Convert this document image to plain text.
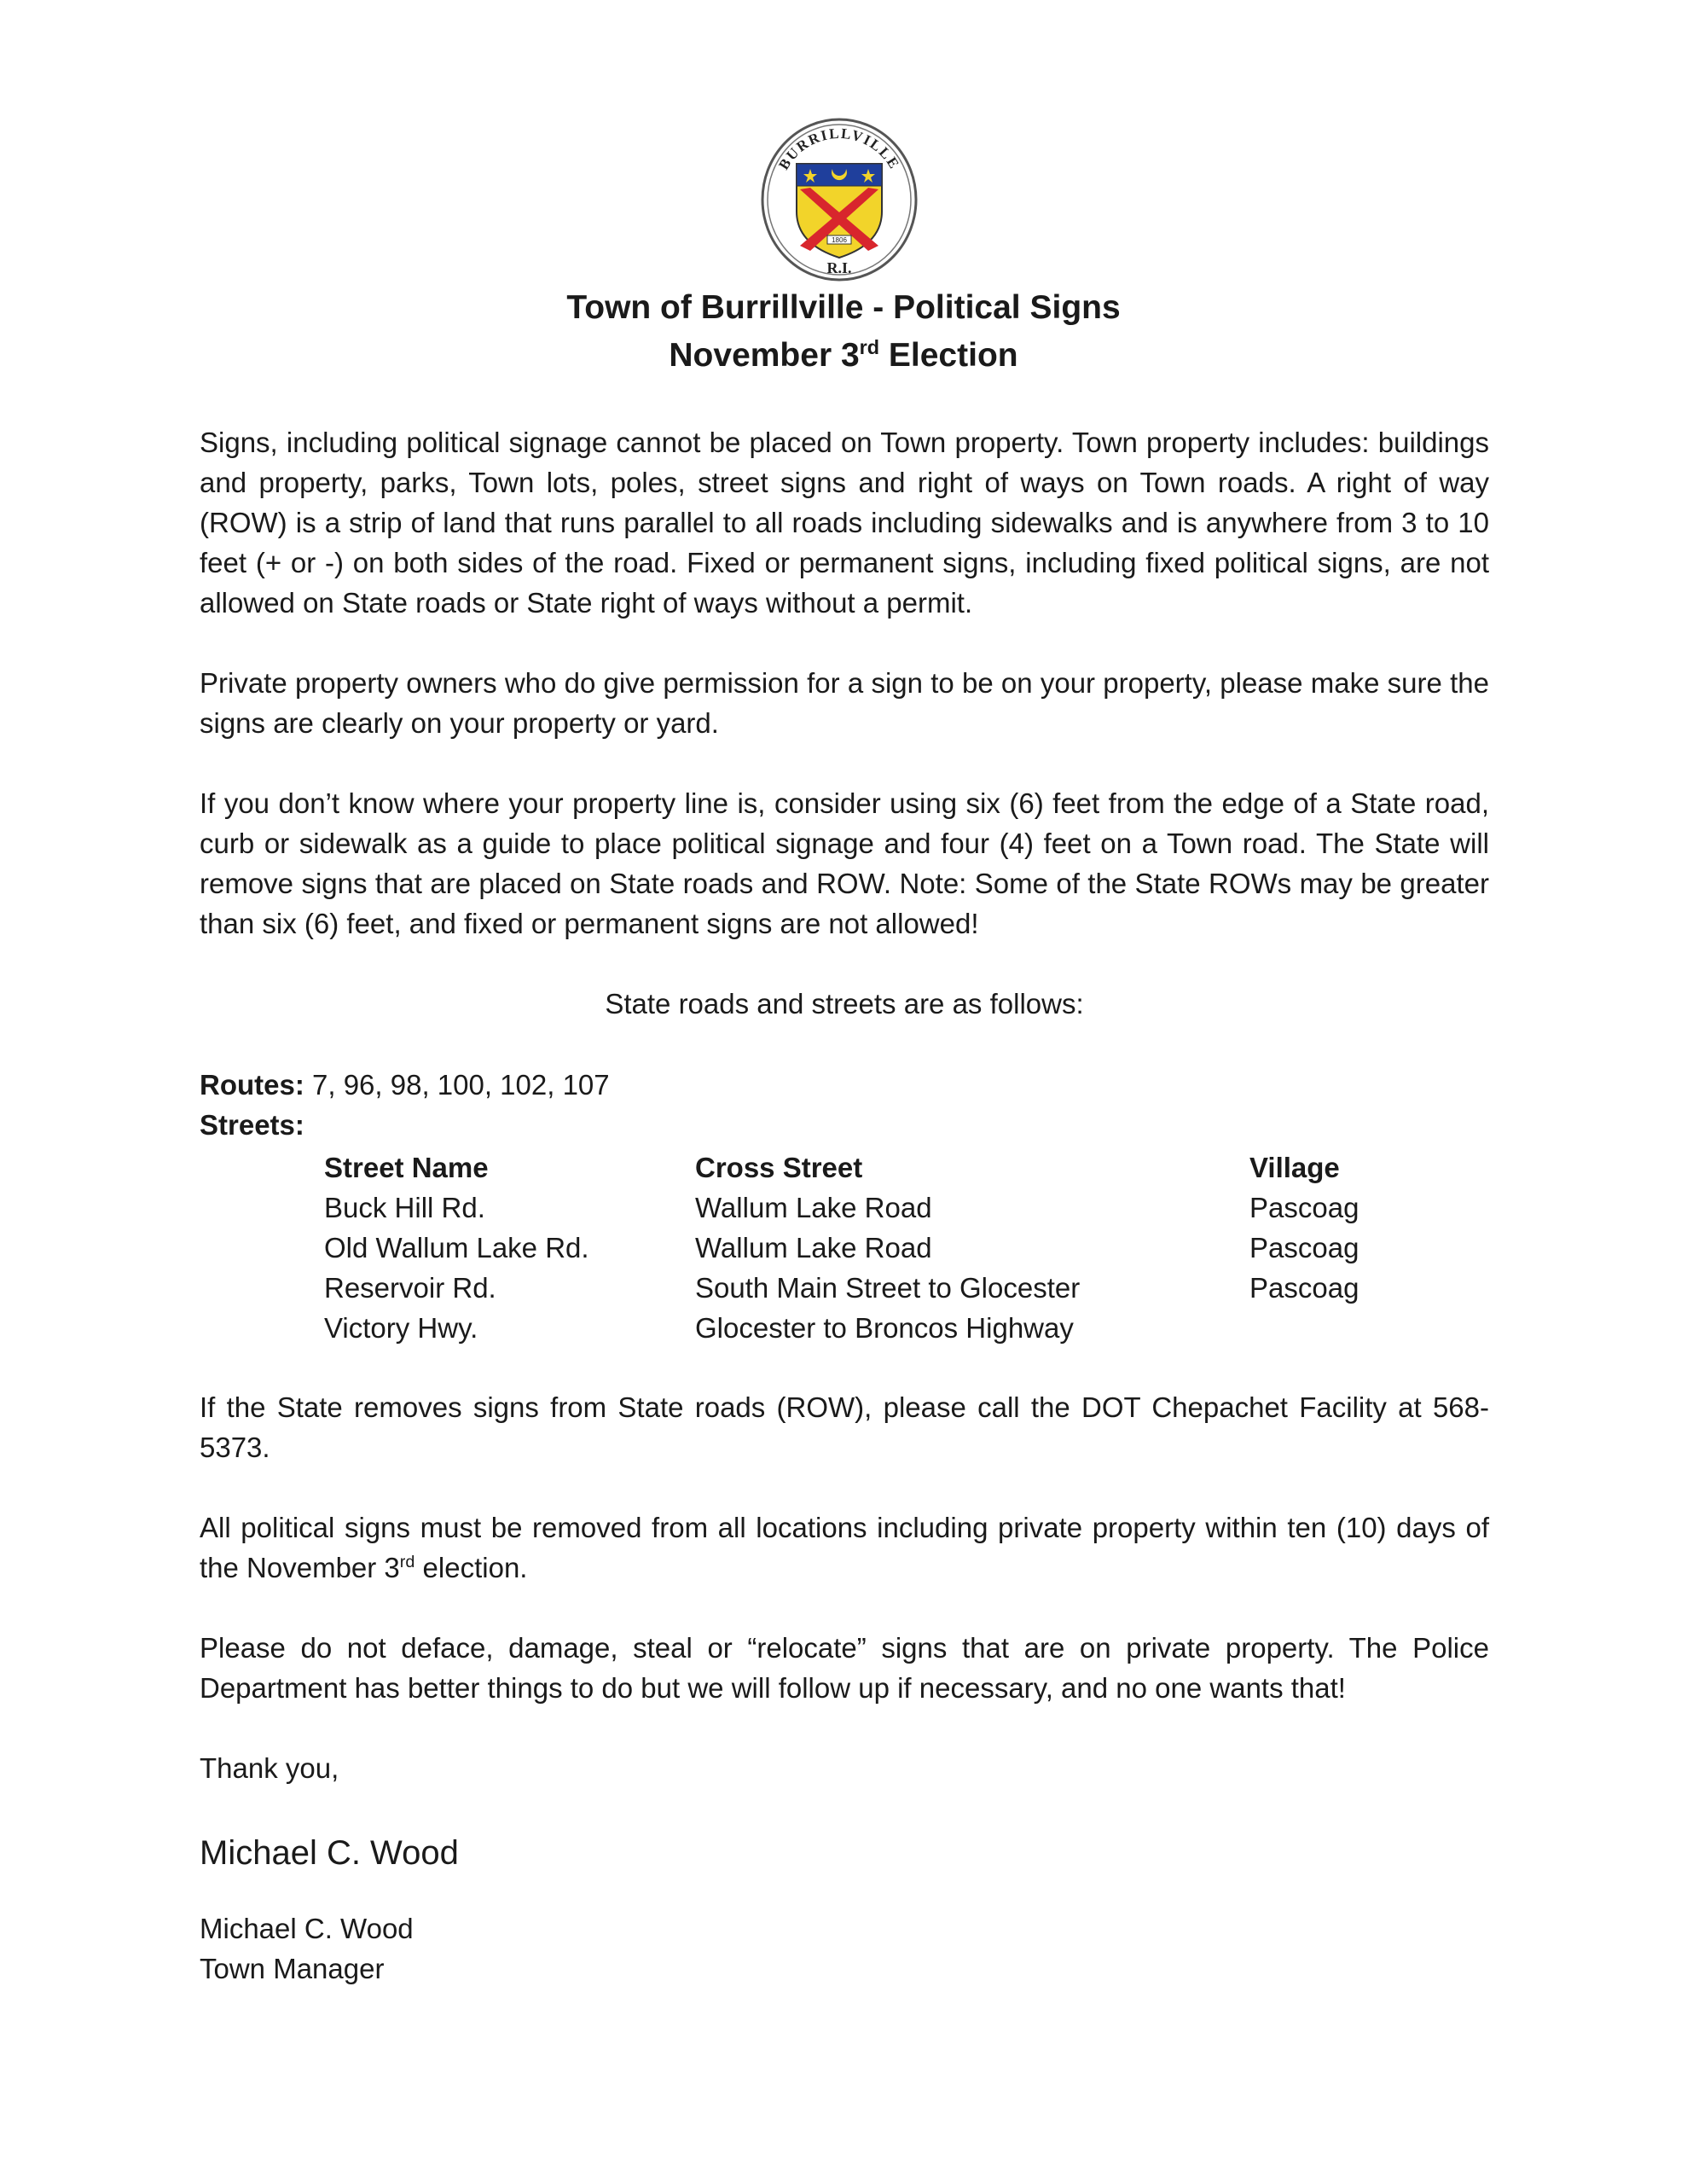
BURRILLVILLE
R.I.
1806
Town of Burrillville - Political Signs
November 3rd Election

Signs, including political signage cannot be placed on Town property. Town property includes: buildings and property, parks, Town lots, poles, street signs and right of ways on Town roads. A right of way (ROW) is a strip of land that runs parallel to all roads including sidewalks and is anywhere from 3 to 10 feet (+ or -) on both sides of the road. Fixed or permanent signs, including fixed political signs, are not allowed on State roads or State right of ways without a permit.

Private property owners who do give permission for a sign to be on your property, please make sure the signs are clearly on your property or yard.

If you don’t know where your property line is, consider using six (6) feet from the edge of a State road, curb or sidewalk as a guide to place political signage and four (4) feet on a Town road. The State will remove signs that are placed on State roads and ROW. Note: Some of the State ROWs may be greater than six (6) feet, and fixed or permanent signs are not allowed!

State roads and streets are as follows:
Routes: 7, 96, 98, 100, 102, 107
Streets:
Street Name	Cross Street	Village
Buck Hill Rd.	Wallum Lake Road	Pascoag
Old Wallum Lake Rd.	Wallum Lake Road	Pascoag
Reservoir Rd.	South Main Street to Glocester	Pascoag
Victory Hwy.	Glocester to Broncos Highway

If the State removes signs from State roads (ROW), please call the DOT Chepachet Facility at 568-5373.

All political signs must be removed from all locations including private property within ten (10) days of the November 3rd election.

Please do not deface, damage, steal or “relocate” signs that are on private property. The Police Department has better things to do but we will follow up if necessary, and no one wants that!

Thank you,
Michael C. Wood
Michael C. Wood
Town Manager
